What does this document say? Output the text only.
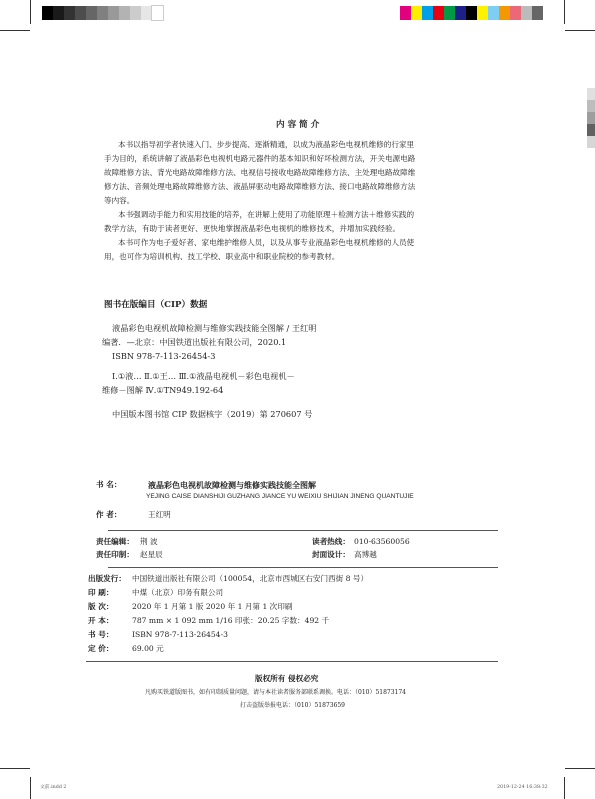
内 容 简 介
本书以指导初学者快速入门、步步提高、逐渐精通，以成为液晶彩色电视机维修的行家里
手为目的，系统讲解了液晶彩色电视机电路元器件的基本知识和好坏检测方法，开关电源电路
故障维修方法、背光电路故障维修方法、电视信号接收电路故障维修方法、主处理电路故障维
修方法、音频处理电路故障维修方法、液晶屏驱动电路故障维修方法、接口电路故障维修方法
等内容。
本书强调动手能力和实用技能的培养，在讲解上使用了功能原理＋检测方法＋维修实践的
教学方法，有助于读者更好、更快地掌握液晶彩色电视机的维修技术，并增加实践经验。
本书可作为电子爱好者、家电维护维修人员，以及从事专业液晶彩色电视机维修的人员使
用，也可作为培训机构、技工学校、职业高中和职业院校的参考教材。
图书在版编目（CIP）数据
液晶彩色电视机故障检测与维修实践技能全图解 / 王红明
编著．—北京：中国铁道出版社有限公司，2020.1
ISBN 978-7-113-26454-3
Ⅰ.①液… Ⅱ.①王… Ⅲ.①液晶电视机－彩色电视机－
维修－图解 Ⅳ.①TN949.192-64
中国版本图书馆 CIP 数据核字（2019）第 270607 号
书 名：	液晶彩色电视机故障检测与维修实践技能全图解
YEJING CAISE DIANSHIJI GUZHANG JIANCE YU WEIXIU SHIJIAN JINENG QUANTUJIE
作 者：	王红明
责任编辑： 荆 波	读者热线： 010-63560056
责任印制： 赵星辰	封面设计： 高博越
出版发行： 中国铁道出版社有限公司（100054，北京市西城区右安门西街 8 号）
印 刷： 中煤（北京）印务有限公司
版 次： 2020 年 1 月第 1 版 2020 年 1 月第 1 次印刷
开 本： 787 mm × 1 092 mm 1/16 印张：20.25 字数：492 千
书 号： ISBN 978-7-113-26454-3
定 价： 69.00 元
版权所有 侵权必究
凡购买铁道版图书，如有印制质量问题，请与本社读者服务部联系调换。电话：（010）51873174
打击盗版举报电话：（010）51873659
文前.indd 2	2019-12-24 16:38:32
